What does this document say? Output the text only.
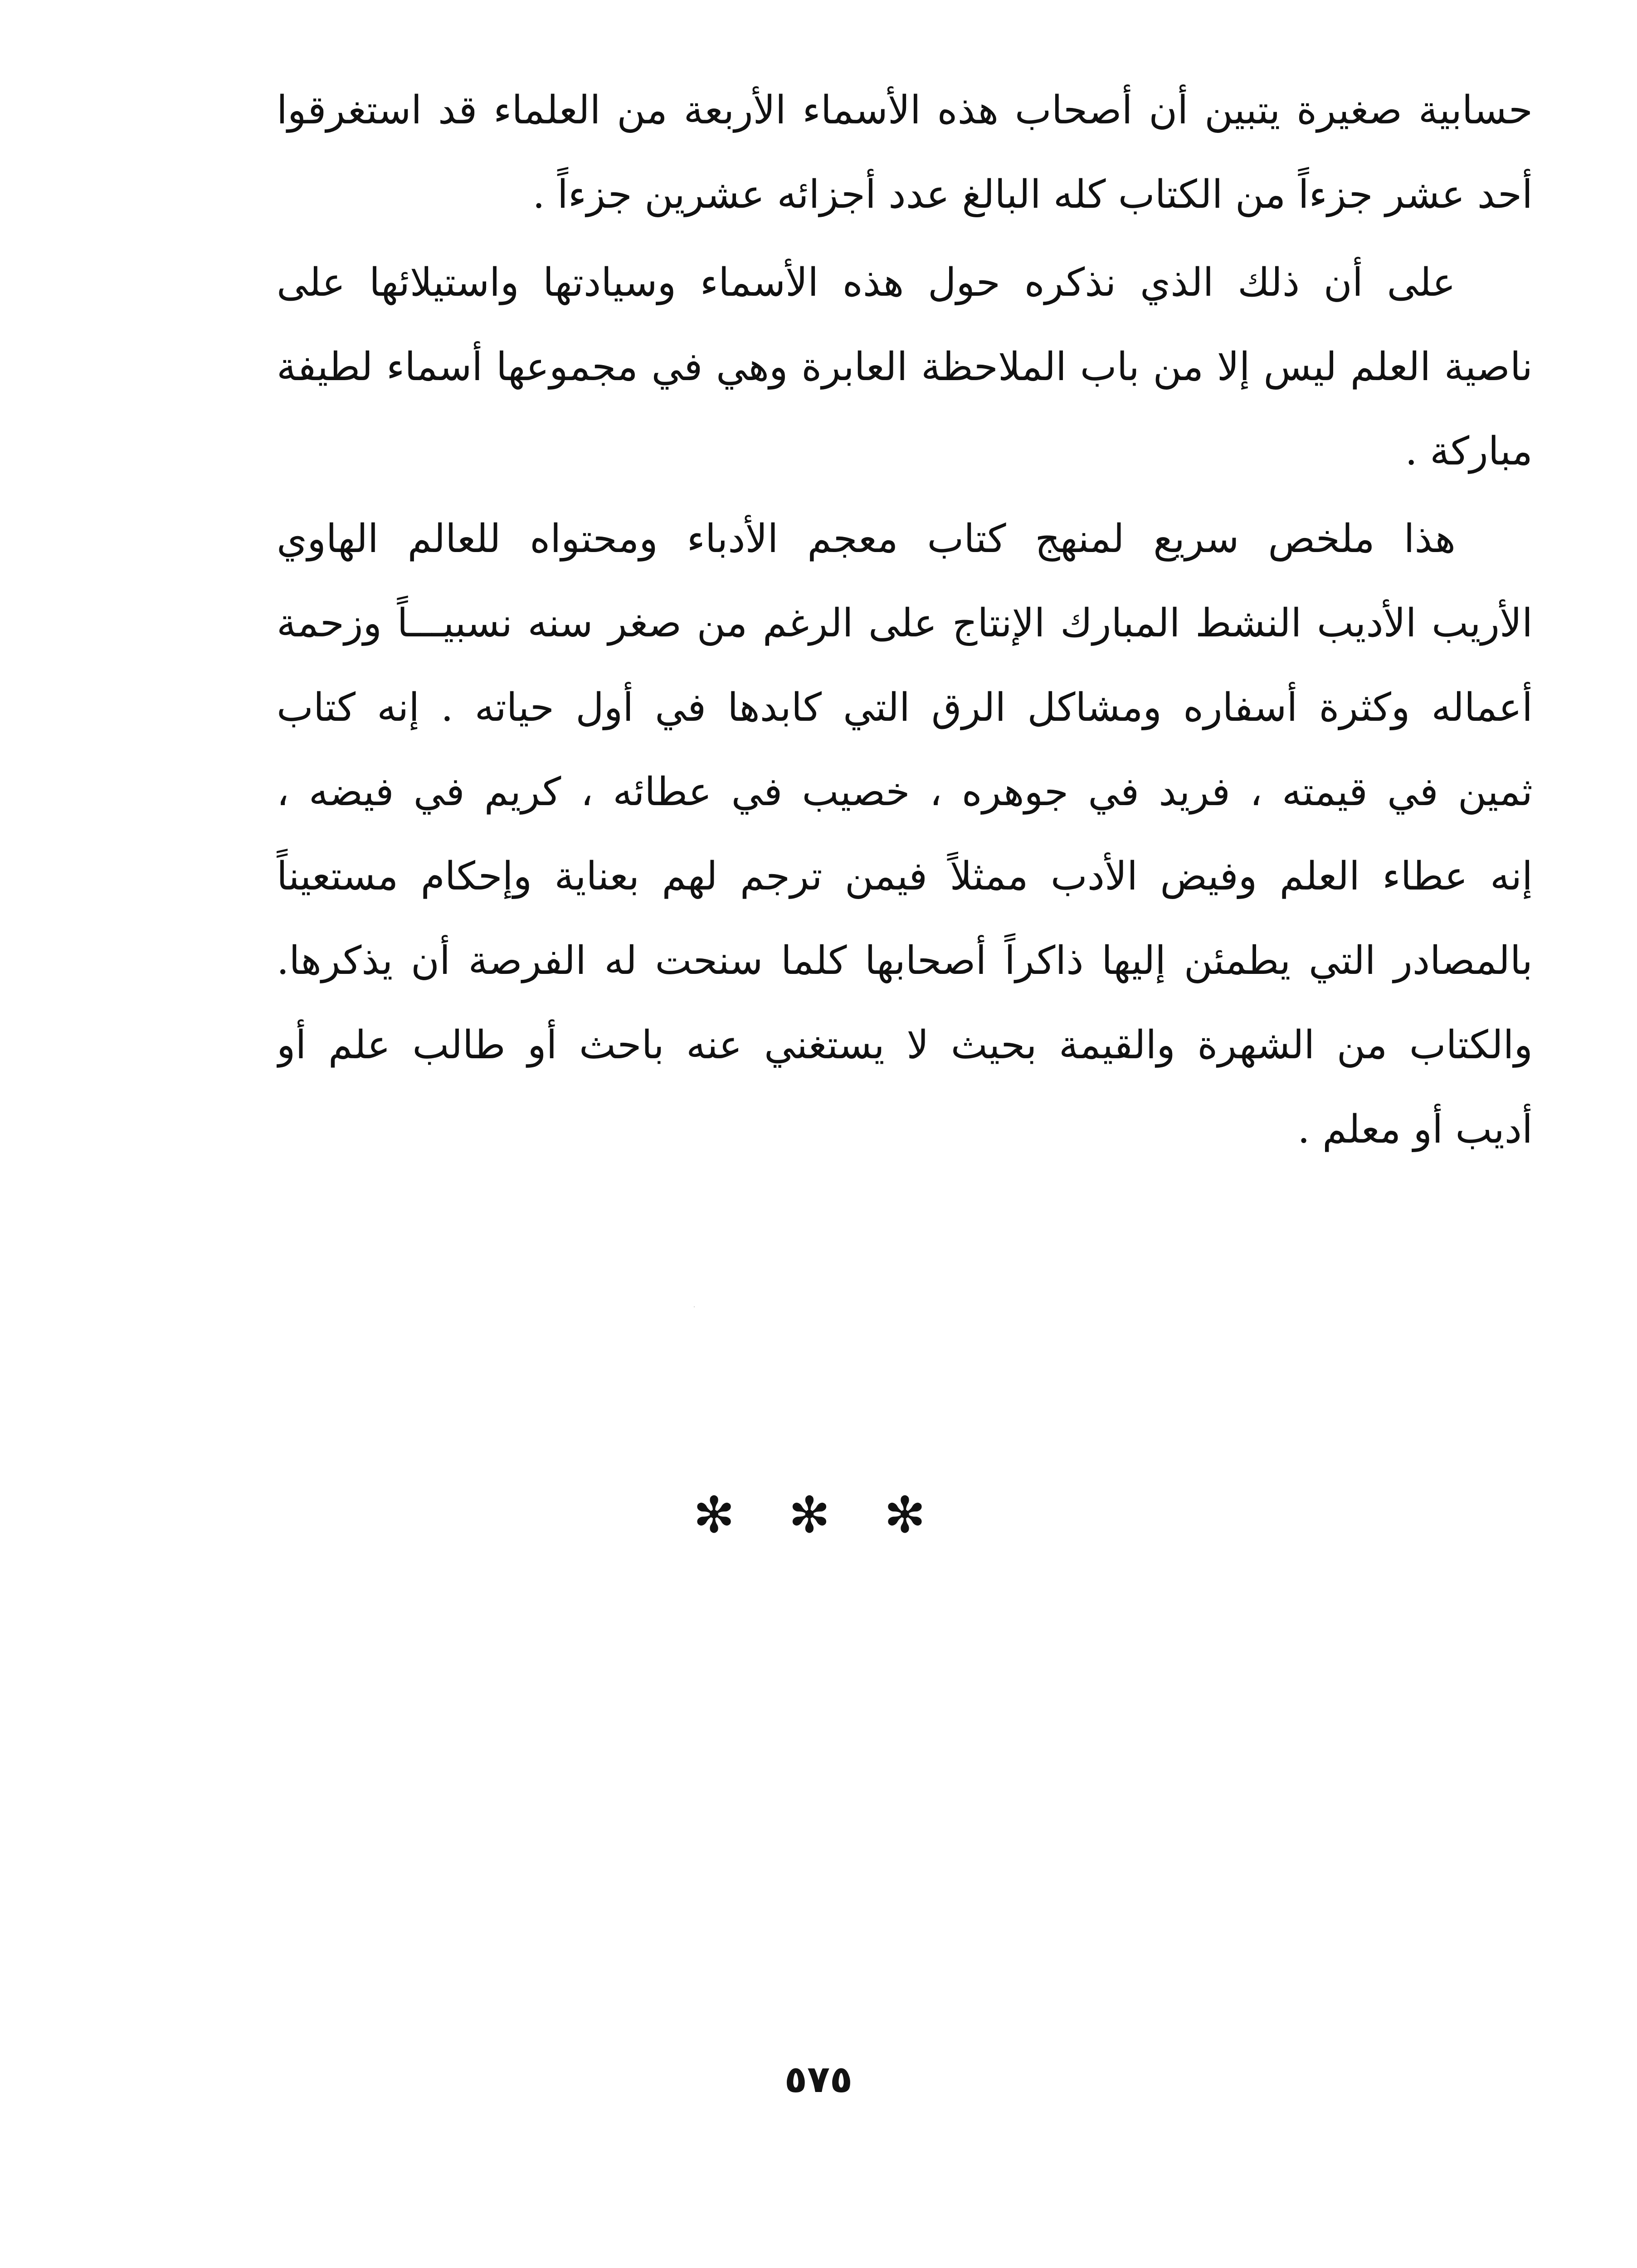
حسابية صغيرة يتبين أن أصحاب هذه الأسماء الأربعة من العلماء قد استغرقوا
أحد عشر جزءاً من الكتاب كله البالغ عدد أجزائه عشرين جزءاً .
على أن ذلك الذي نذكره حول هذه الأسماء وسيادتها واستيلائها على
ناصية العلم ليس إلا من باب الملاحظة العابرة وهي في مجموعها أسماء لطيفة
مباركة .
هذا ملخص سريع لمنهج كتاب معجم الأدباء ومحتواه للعالم الهاوي
الأريب الأديب النشط المبارك الإنتاج على الرغم من صغر سنه نسبيـــاً وزحمة
أعماله وكثرة أسفاره ومشاكل الرق التي كابدها في أول حياته . إنه كتاب
ثمين في قيمته ، فريد في جوهره ، خصيب في عطائه ، كريم في فيضه ،
إنه عطاء العلم وفيض الأدب ممثلاً فيمن ترجم لهم بعناية وإحكام مستعيناً
بالمصادر التي يطمئن إليها ذاكراً أصحابها كلما سنحت له الفرصة أن يذكرها.
والكتاب من الشهرة والقيمة بحيث لا يستغني عنه باحث أو طالب علم أو
أديب أو معلم .
✻ ✻ ✻
٥٧٥
